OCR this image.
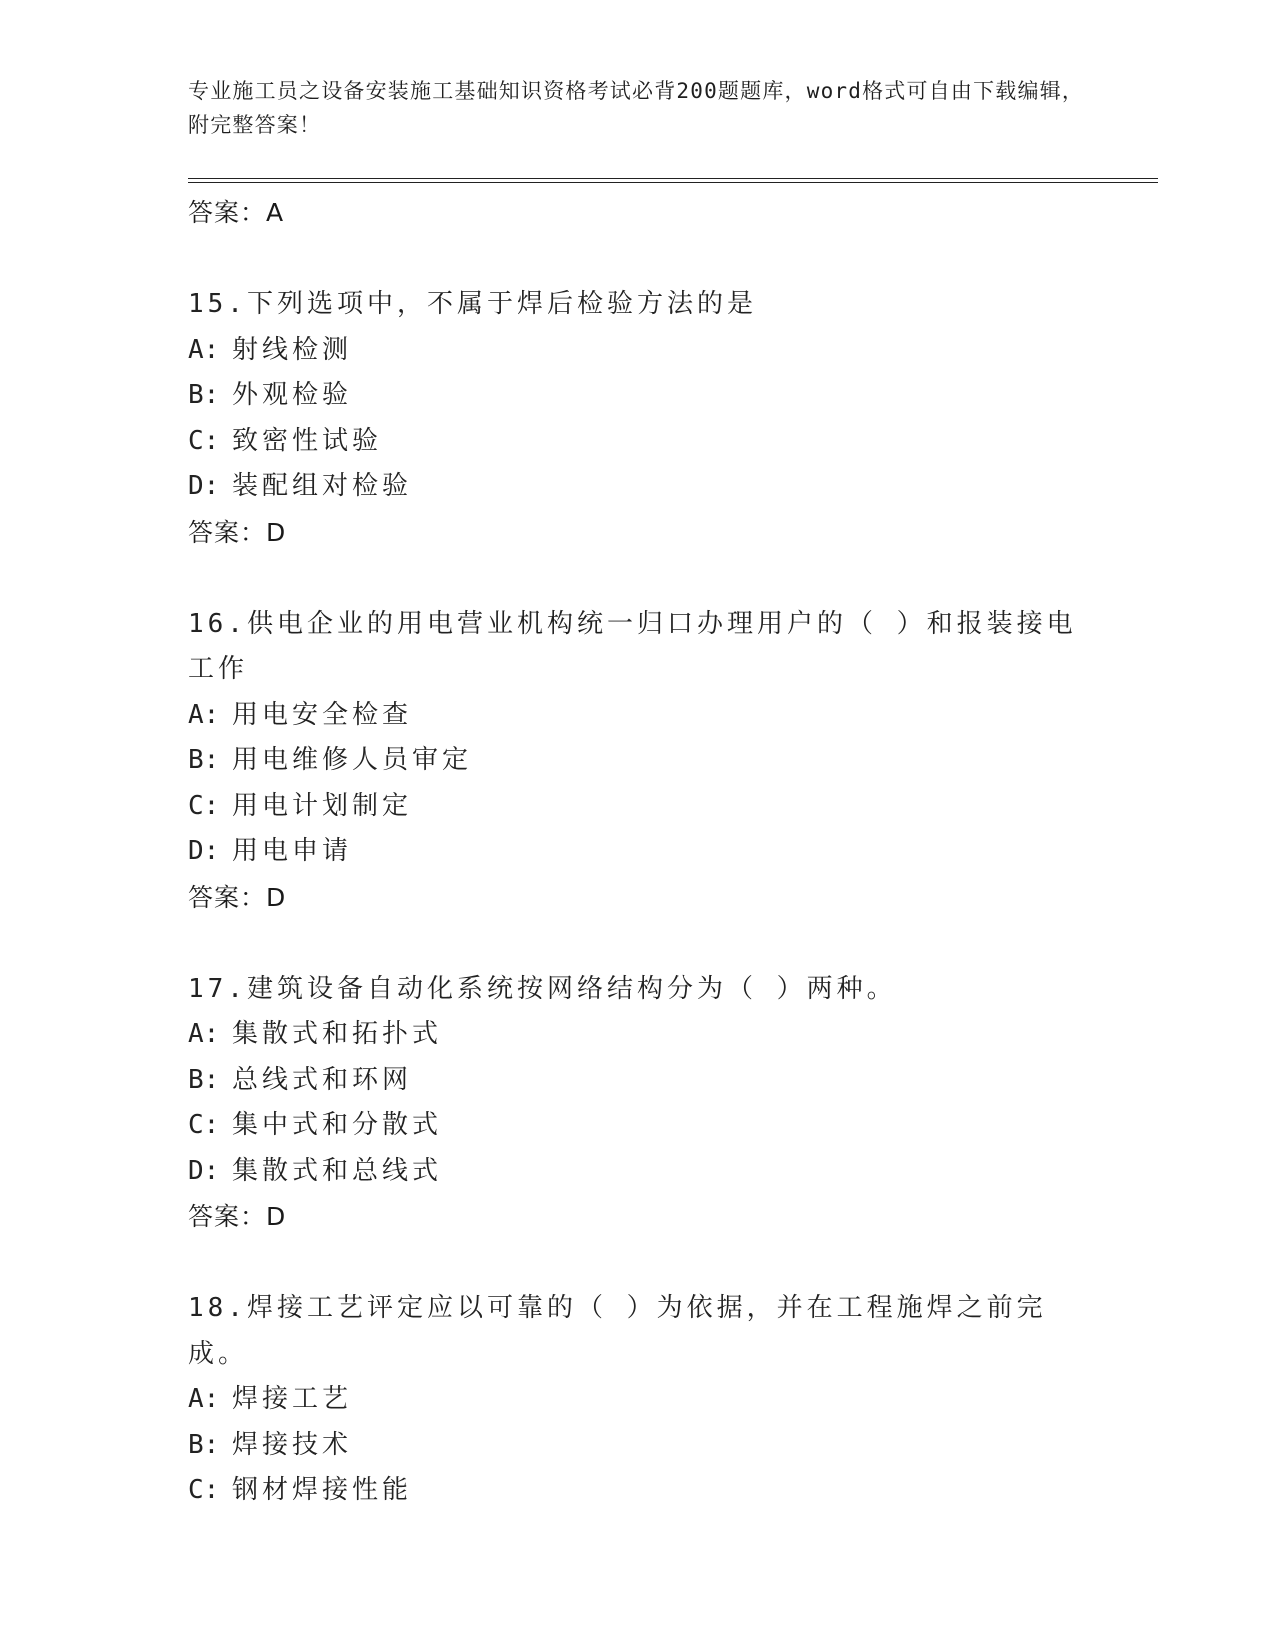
专业施工员之设备安装施工基础知识资格考试必背200题题库，word格式可自由下载编辑，附完整答案！
答案：A
15.下列选项中，不属于焊后检验方法的是
A: 射线检测
B: 外观检验
C: 致密性试验
D: 装配组对检验
答案：D
16.供电企业的用电营业机构统一归口办理用户的（ ）和报装接电工作
A: 用电安全检查
B: 用电维修人员审定
C: 用电计划制定
D: 用电申请
答案：D
17.建筑设备自动化系统按网络结构分为（ ）两种。
A: 集散式和拓扑式
B: 总线式和环网
C: 集中式和分散式
D: 集散式和总线式
答案：D
18.焊接工艺评定应以可靠的（ ）为依据，并在工程施焊之前完成。
A: 焊接工艺
B: 焊接技术
C: 钢材焊接性能
